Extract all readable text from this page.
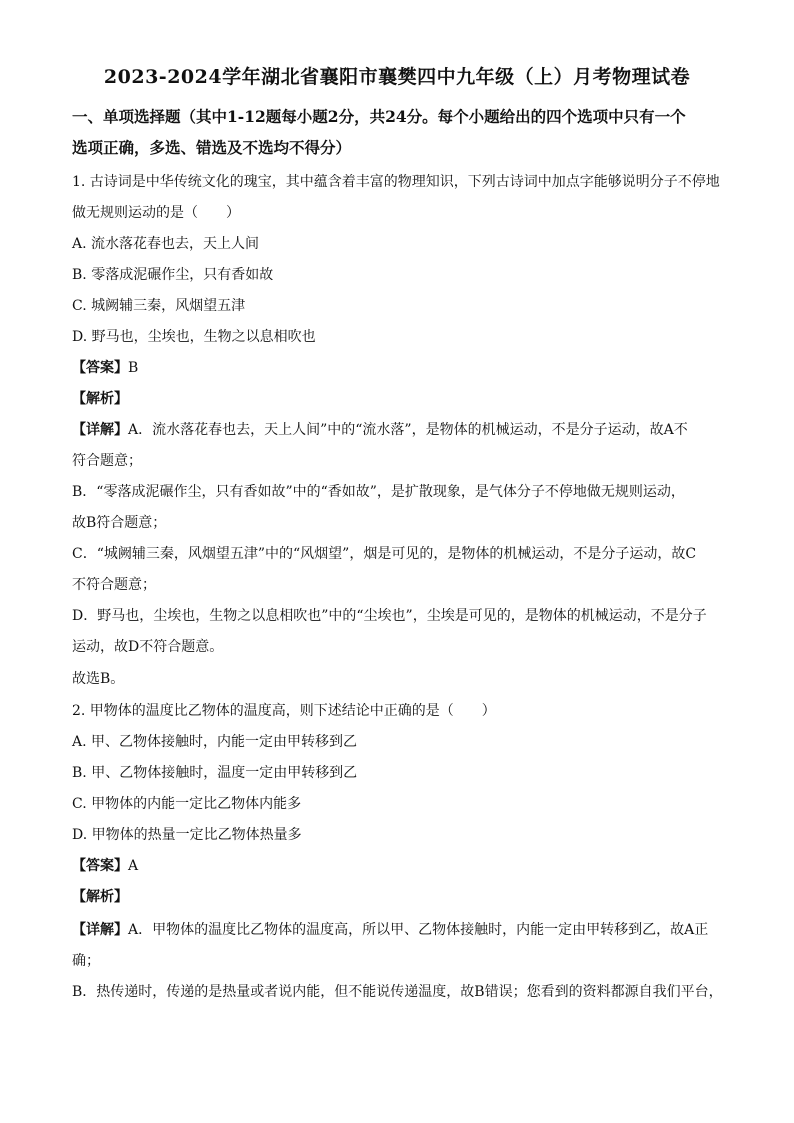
2023-2024学年湖北省襄阳市襄樊四中九年级（上）月考物理试卷
一、单项选择题（其中1-12题每小题2分，共24分。每个小题给出的四个选项中只有一个
选项正确，多选、错选及不选均不得分）
1. 古诗词是中华传统文化的瑰宝，其中蕴含着丰富的物理知识，下列古诗词中加点字能够说明分子不停地
做无规则运动的是（　　）
A. 流水落花春也去，天上人间
B. 零落成泥碾作尘，只有香如故
C. 城阙辅三秦，风烟望五津
D. 野马也，尘埃也，生物之以息相吹也
【答案】B
【解析】
【详解】A．流水落花春也去，天上人间”中的“流水落”，是物体的机械运动，不是分子运动，故A不
符合题意；
B．“零落成泥碾作尘，只有香如故”中的“香如故”，是扩散现象，是气体分子不停地做无规则运动，
故B符合题意；
C．“城阙辅三秦，风烟望五津”中的“风烟望”，烟是可见的，是物体的机械运动，不是分子运动，故C
不符合题意；
D．野马也，尘埃也，生物之以息相吹也”中的“尘埃也”，尘埃是可见的，是物体的机械运动，不是分子
运动，故D不符合题意。
故选B。
2. 甲物体的温度比乙物体的温度高，则下述结论中正确的是（　　）
A. 甲、乙物体接触时，内能一定由甲转移到乙
B. 甲、乙物体接触时，温度一定由甲转移到乙
C. 甲物体的内能一定比乙物体内能多
D. 甲物体的热量一定比乙物体热量多
【答案】A
【解析】
【详解】A．甲物体的温度比乙物体的温度高，所以甲、乙物体接触时，内能一定由甲转移到乙，故A正
确；
B．热传递时，传递的是热量或者说内能，但不能说传递温度，故B错误；您看到的资料都源自我们平台，
